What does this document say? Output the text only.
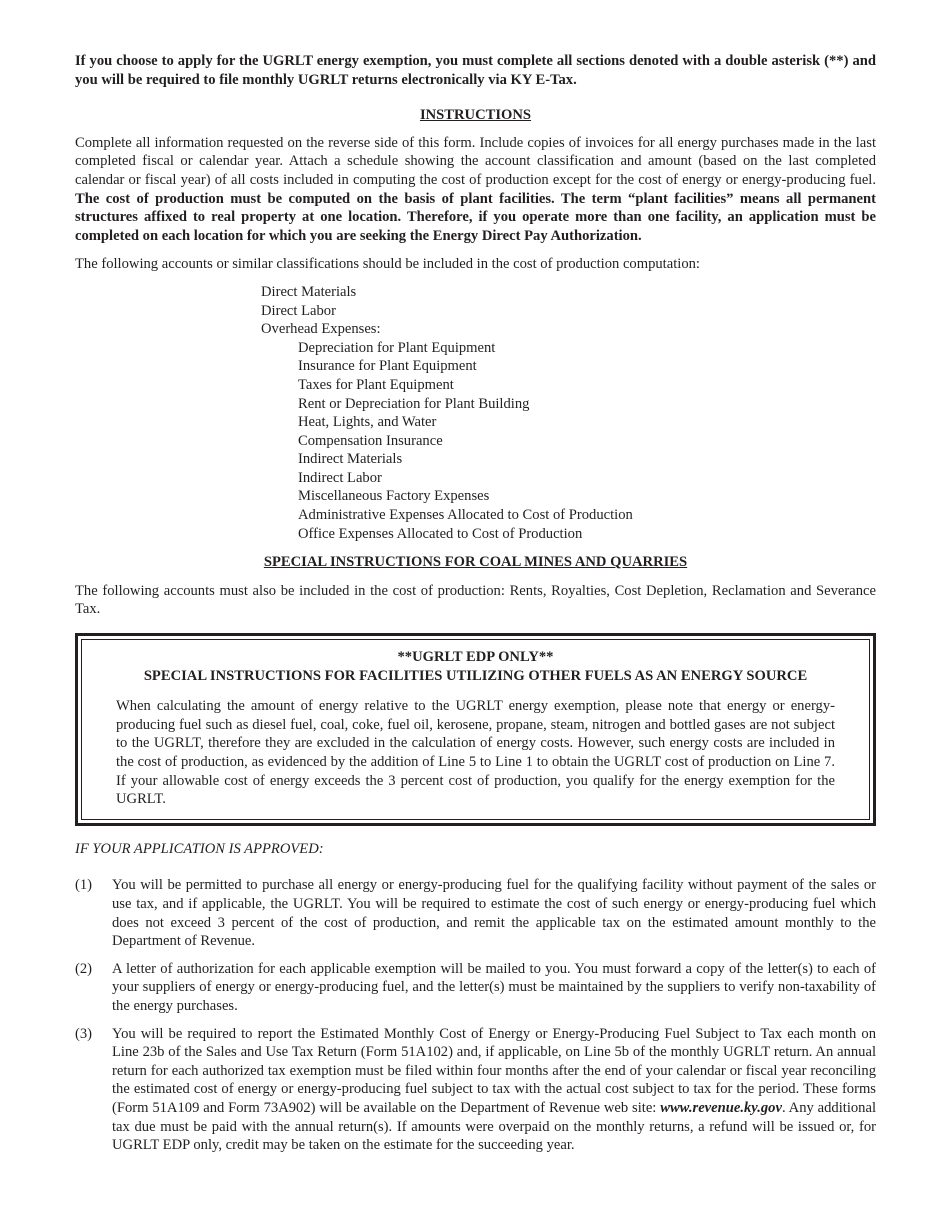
If you choose to apply for the UGRLT energy exemption, you must complete all sections denoted with a double asterisk (**) and you will be required to file monthly UGRLT returns electronically via KY E-Tax.

INSTRUCTIONS

Complete all information requested on the reverse side of this form. Include copies of invoices for all energy purchases made in the last completed fiscal or calendar year. Attach a schedule showing the account classification and amount (based on the last completed calendar or fiscal year) of all costs included in computing the cost of production except for the cost of energy or energy-producing fuel. The cost of production must be computed on the basis of plant facilities. The term “plant facilities” means all permanent structures affixed to real property at one location. Therefore, if you operate more than one facility, an application must be completed on each location for which you are seeking the Energy Direct Pay Authorization.

The following accounts or similar classifications should be included in the cost of production computation:

Direct Materials
Direct Labor
Overhead Expenses:
Depreciation for Plant Equipment
Insurance for Plant Equipment
Taxes for Plant Equipment
Rent or Depreciation for Plant Building
Heat, Lights, and Water
Compensation Insurance
Indirect Materials
Indirect Labor
Miscellaneous Factory Expenses
Administrative Expenses Allocated to Cost of Production
Office Expenses Allocated to Cost of Production

SPECIAL INSTRUCTIONS FOR COAL MINES AND QUARRIES

The following accounts must also be included in the cost of production: Rents, Royalties, Cost Depletion, Reclamation and Severance Tax.

**UGRLT EDP ONLY**

SPECIAL INSTRUCTIONS FOR FACILITIES UTILIZING OTHER FUELS AS AN ENERGY SOURCE

When calculating the amount of energy relative to the UGRLT energy exemption, please note that energy or energy-producing fuel such as diesel fuel, coal, coke, fuel oil, kerosene, propane, steam, nitrogen and bottled gases are not subject to the UGRLT, therefore they are excluded in the calculation of energy costs. However, such energy costs are included in the cost of production, as evidenced by the addition of Line 5 to Line 1 to obtain the UGRLT cost of production on Line 7. If your allowable cost of energy exceeds the 3 percent cost of production, you qualify for the energy exemption for the UGRLT.

IF YOUR APPLICATION IS APPROVED:

(1) You will be permitted to purchase all energy or energy-producing fuel for the qualifying facility without payment of the sales or use tax, and if applicable, the UGRLT. You will be required to estimate the cost of such energy or energy-producing fuel which does not exceed 3 percent of the cost of production, and remit the applicable tax on the estimated amount monthly to the Department of Revenue.
(2) A letter of authorization for each applicable exemption will be mailed to you. You must forward a copy of the letter(s) to each of your suppliers of energy or energy-producing fuel, and the letter(s) must be maintained by the suppliers to verify non-taxability of the energy purchases.
(3) You will be required to report the Estimated Monthly Cost of Energy or Energy-Producing Fuel Subject to Tax each month on Line 23b of the Sales and Use Tax Return (Form 51A102) and, if applicable, on Line 5b of the monthly UGRLT return. An annual return for each authorized tax exemption must be filed within four months after the end of your calendar or fiscal year reconciling the estimated cost of energy or energy-producing fuel subject to tax with the actual cost subject to tax for the period. These forms (Form 51A109 and Form 73A902) will be available on the Department of Revenue web site: www.revenue.ky.gov. Any additional tax due must be paid with the annual return(s). If amounts were overpaid on the monthly returns, a refund will be issued or, for UGRLT EDP only, credit may be taken on the estimate for the succeeding year.
